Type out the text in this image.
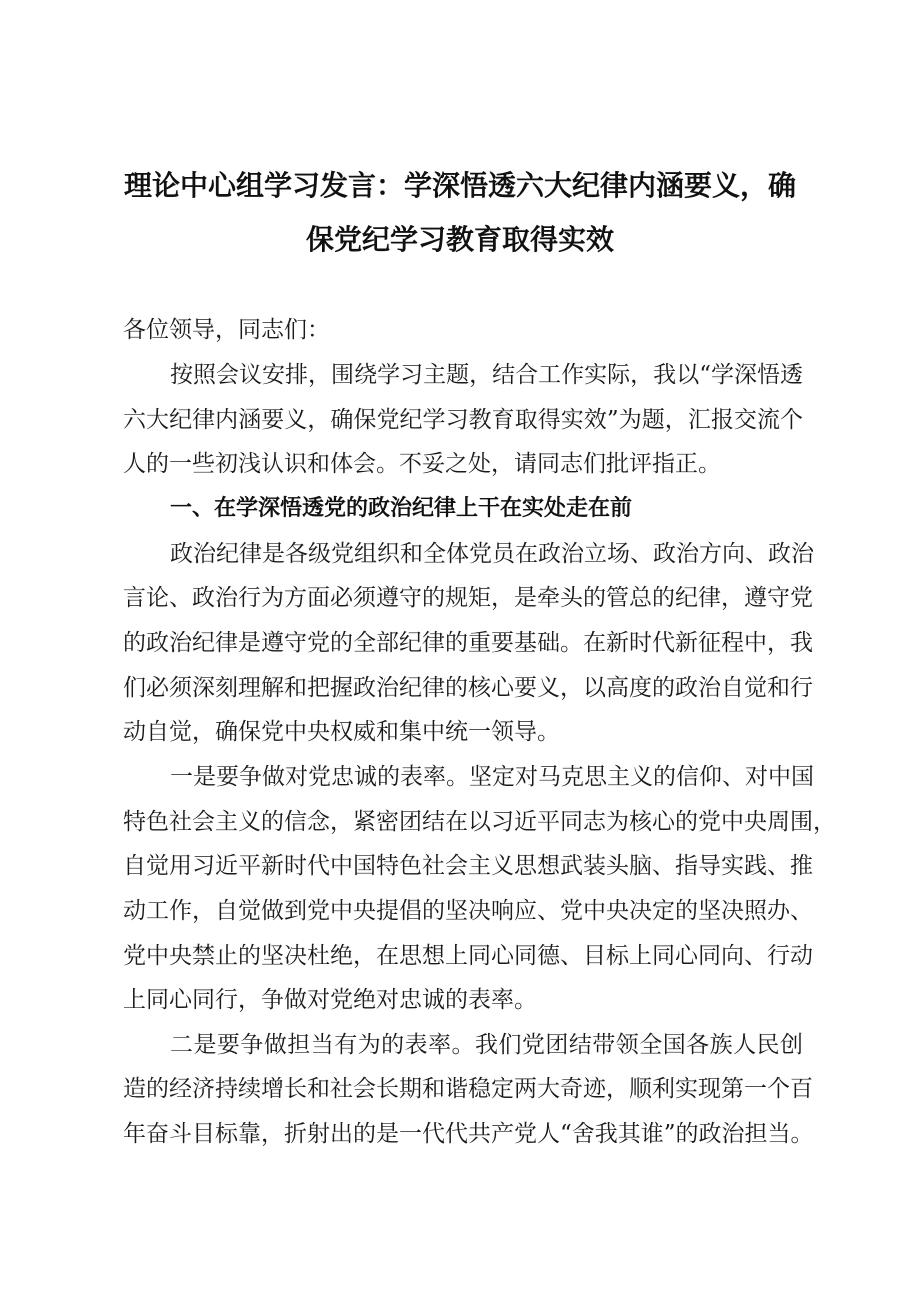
理论中心组学习发言：学深悟透六大纪律内涵要义，确
保党纪学习教育取得实效

各位领导，同志们：

按照会议安排，围绕学习主题，结合工作实际，我以“学深悟透

六大纪律内涵要义，确保党纪学习教育取得实效”为题，汇报交流个

人的一些初浅认识和体会。不妥之处，请同志们批评指正。

一、在学深悟透党的政治纪律上干在实处走在前

政治纪律是各级党组织和全体党员在政治立场、政治方向、政治

言论、政治行为方面必须遵守的规矩，是牵头的管总的纪律，遵守党

的政治纪律是遵守党的全部纪律的重要基础。在新时代新征程中，我

们必须深刻理解和把握政治纪律的核心要义，以高度的政治自觉和行

动自觉，确保党中央权威和集中统一领导。

一是要争做对党忠诚的表率。坚定对马克思主义的信仰、对中国

特色社会主义的信念，紧密团结在以习近平同志为核心的党中央周围，

自觉用习近平新时代中国特色社会主义思想武装头脑、指导实践、推

动工作，自觉做到党中央提倡的坚决响应、党中央决定的坚决照办、

党中央禁止的坚决杜绝，在思想上同心同德、目标上同心同向、行动

上同心同行，争做对党绝对忠诚的表率。

二是要争做担当有为的表率。我们党团结带领全国各族人民创

造的经济持续增长和社会长期和谐稳定两大奇迹，顺利实现第一个百

年奋斗目标靠，折射出的是一代代共产党人“舍我其谁”的政治担当。
